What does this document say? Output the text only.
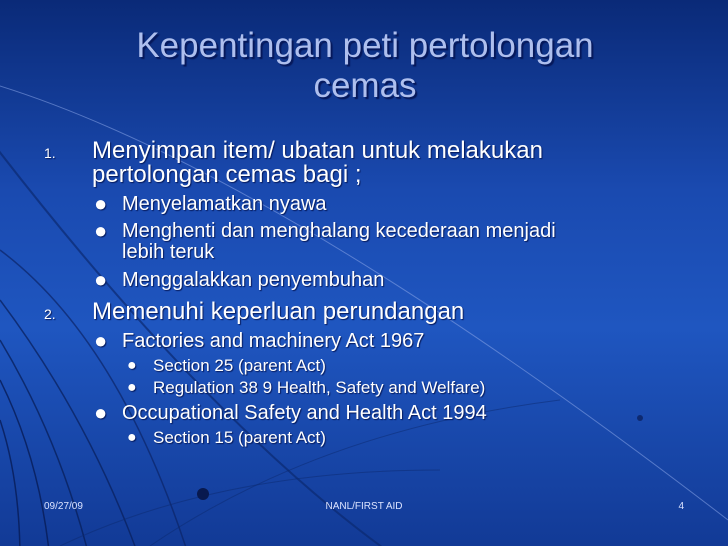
Kepentingan peti pertolongan
cemas
1. Menyimpan item/ ubatan untuk melakukan
pertolongan cemas bagi ;
● Menyelamatkan nyawa
● Menghenti dan menghalang kecederaan menjadi
lebih teruk
● Menggalakkan penyembuhan
2. Memenuhi keperluan perundangan
● Factories and machinery Act 1967
● Section 25 (parent Act)
● Regulation 38 9 Health, Safety and Welfare)
● Occupational Safety and Health Act 1994
● Section 15 (parent Act)
09/27/09	NANL/FIRST AID	4
